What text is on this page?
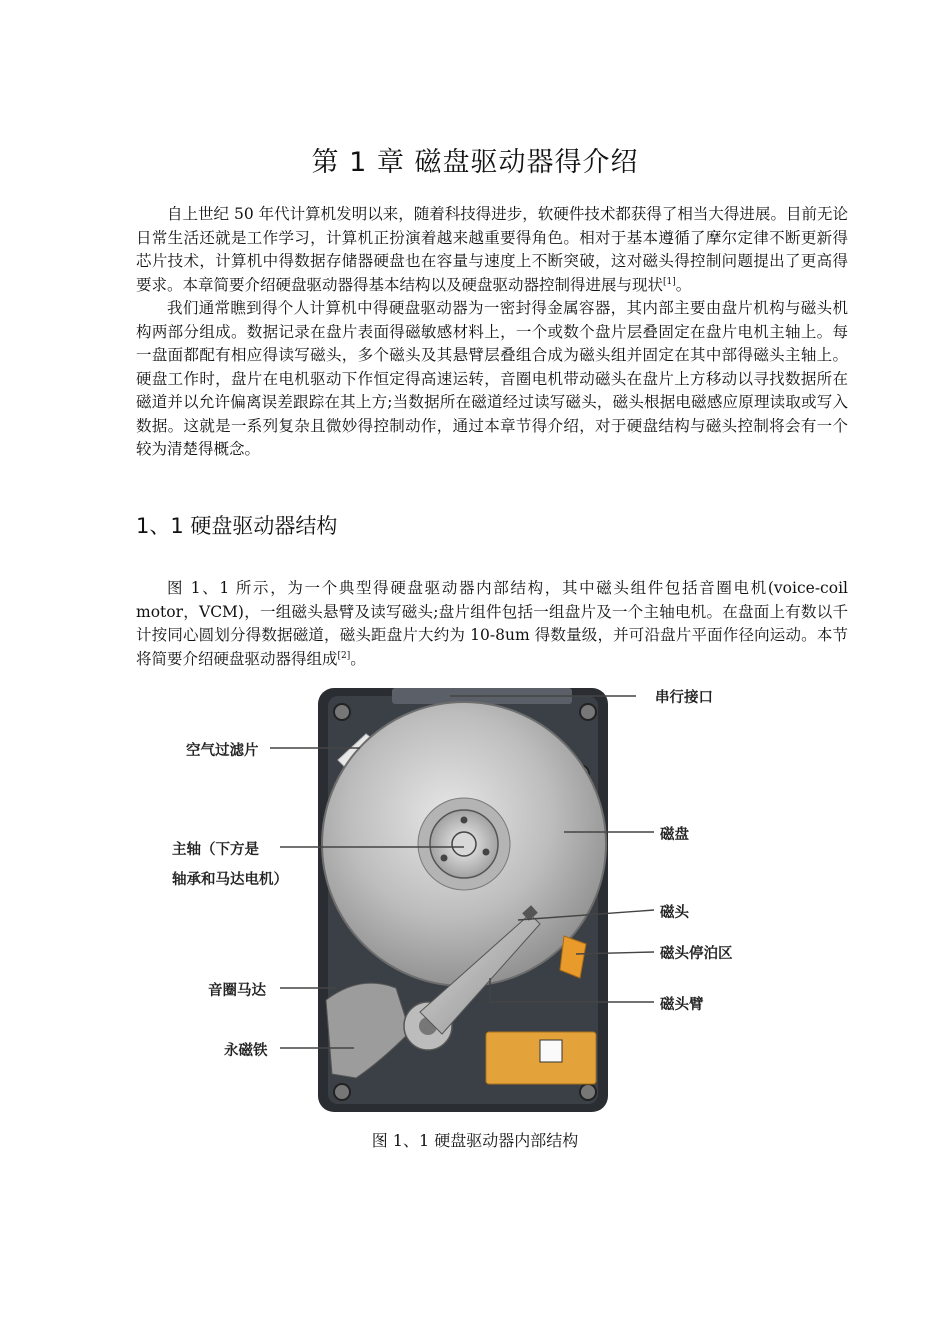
第 1 章 磁盘驱动器得介绍

自上世纪 50 年代计算机发明以来，随着科技得进步，软硬件技术都获得了相当大得进展。目前无论日常生活还就是工作学习，计算机正扮演着越来越重要得角色。相对于基本遵循了摩尔定律不断更新得芯片技术，计算机中得数据存储器硬盘也在容量与速度上不断突破，这对磁头得控制问题提出了更高得要求。本章简要介绍硬盘驱动器得基本结构以及硬盘驱动器控制得进展与现状[1]。

我们通常瞧到得个人计算机中得硬盘驱动器为一密封得金属容器，其内部主要由盘片机构与磁头机构两部分组成。数据记录在盘片表面得磁敏感材料上，一个或数个盘片层叠固定在盘片电机主轴上。每一盘面都配有相应得读写磁头，多个磁头及其悬臂层叠组合成为磁头组并固定在其中部得磁头主轴上。硬盘工作时，盘片在电机驱动下作恒定得高速运转，音圈电机带动磁头在盘片上方移动以寻找数据所在磁道并以允许偏离误差跟踪在其上方;当数据所在磁道经过读写磁头，磁头根据电磁感应原理读取或写入数据。这就是一系列复杂且微妙得控制动作，通过本章节得介绍，对于硬盘结构与磁头控制将会有一个较为清楚得概念。

1、1 硬盘驱动器结构

图 1、1 所示，为一个典型得硬盘驱动器内部结构，其中磁头组件包括音圈电机(voice-coil motor，VCM)，一组磁头悬臂及读写磁头;盘片组件包括一组盘片及一个主轴电机。在盘面上有数以千计按同心圆划分得数据磁道，磁头距盘片大约为 10-8um 得数量级，并可沿盘片平面作径向运动。本节将简要介绍硬盘驱动器得组成[2]。

串行接口
空气过滤片
主轴（下方是
轴承和马达电机）
磁盘
磁头
磁头停泊区
磁头臂
音圈马达
永磁铁
图 1、1 硬盘驱动器内部结构
